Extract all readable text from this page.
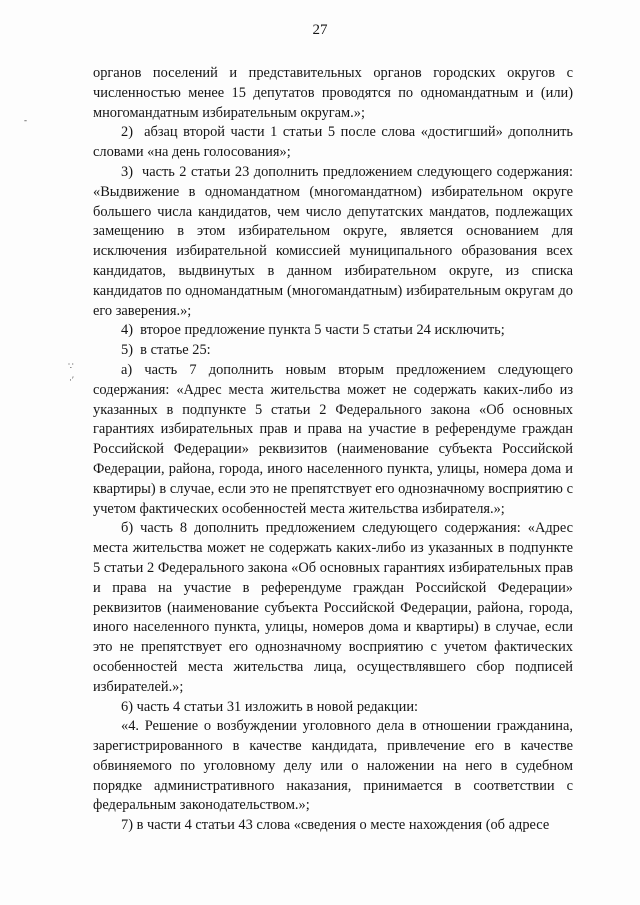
27
-
∵
·′

органов поселений и представительных органов городских округов с численностью менее 15 депутатов проводятся по одномандатным и (или) многомандатным избирательным округам.»;

2)  абзац второй части 1 статьи 5 после слова «достигший» дополнить словами «на день голосования»;

3)  часть 2 статьи 23 дополнить предложением следующего содержания: «Выдвижение в одномандатном (многомандатном) избирательном округе большего числа кандидатов, чем число депутатских мандатов, подлежащих замещению в этом избирательном округе, является основанием для исключения избирательной комиссией муниципального образования всех кандидатов, выдвинутых в данном избирательном округе, из списка кандидатов по одномандатным (многомандатным) избирательным округам до его заверения.»;

4)  второе предложение пункта 5 части 5 статьи 24 исключить;

5)  в статье 25:

а) часть 7 дополнить новым вторым предложением следующего содержания: «Адрес места жительства может не содержать каких-либо из указанных в подпункте 5 статьи 2 Федерального закона «Об основных гарантиях избирательных прав и права на участие в референдуме граждан Российской Федерации» реквизитов (наименование субъекта Российской Федерации, района, города, иного населенного пункта, улицы, номера дома и квартиры) в случае, если это не препятствует его однозначному восприятию с учетом фактических особенностей места жительства избирателя.»;

б) часть 8 дополнить предложением следующего содержания: «Адрес места жительства может не содержать каких-либо из указанных в подпункте 5 статьи 2 Федерального закона «Об основных гарантиях избирательных прав и права на участие в референдуме граждан Российской Федерации» реквизитов (наименование субъекта Российской Федерации, района, города, иного населенного пункта, улицы, номеров дома и квартиры) в случае, если это не препятствует его однозначному восприятию с учетом фактических особенностей места жительства лица, осуществлявшего сбор подписей избирателей.»;

6) часть 4 статьи 31 изложить в новой редакции:

«4. Решение о возбуждении уголовного дела в отношении гражданина, зарегистрированного в качестве кандидата, привлечение его в качестве обвиняемого по уголовному делу или о наложении на него в судебном порядке административного наказания, принимается в соответствии с федеральным законодательством.»;

7) в части 4 статьи 43 слова «сведения о месте нахождения (об адресе
